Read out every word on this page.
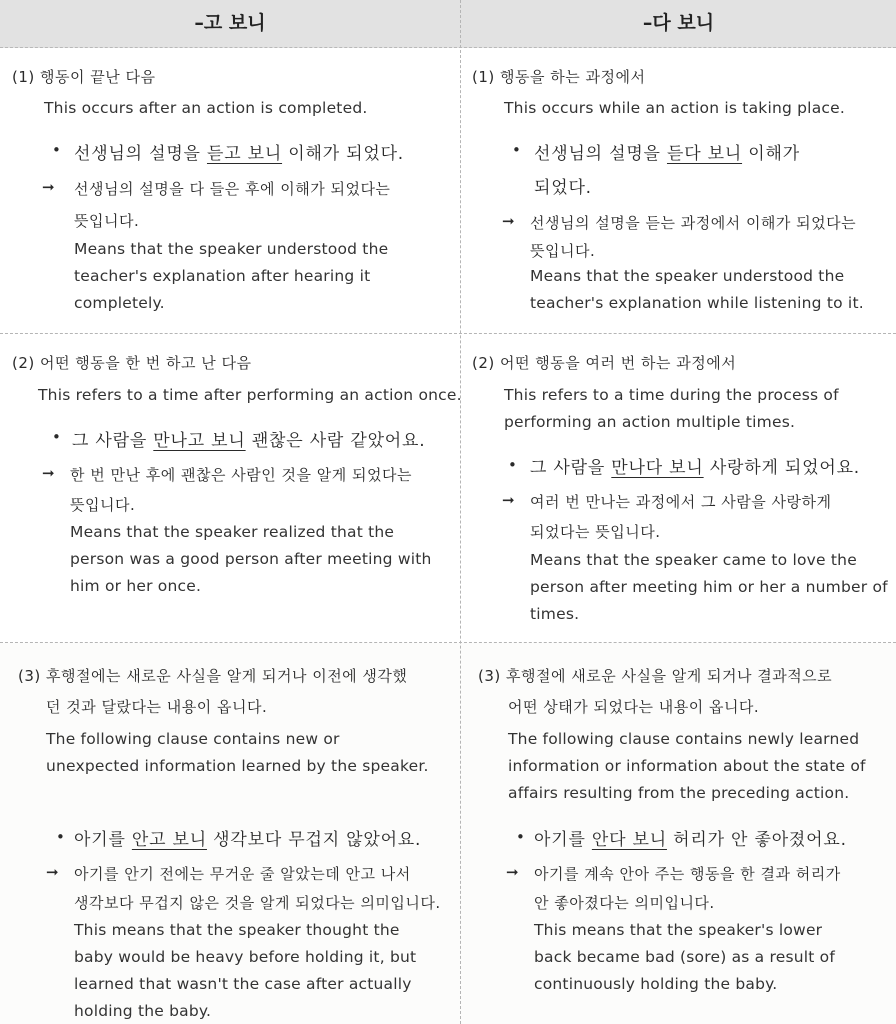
–고 보니	–다 보니
(1) 행동이 끝난 다음
This occurs after an action is completed.
• 선생님의 설명을 듣고 보니 이해가 되었다.
➞ 선생님의 설명을 다 들은 후에 이해가 되었다는
뜻입니다.
Means that the speaker understood the
teacher's explanation after hearing it
completely.
(1) 행동을 하는 과정에서
This occurs while an action is taking place.
• 선생님의 설명을 듣다 보니 이해가
되었다.
➞ 선생님의 설명을 듣는 과정에서 이해가 되었다는
뜻입니다.
Means that the speaker understood the
teacher's explanation while listening to it.
(2) 어떤 행동을 한 번 하고 난 다음
This refers to a time after performing an action once.
• 그 사람을 만나고 보니 괜찮은 사람 같았어요.
➞ 한 번 만난 후에 괜찮은 사람인 것을 알게 되었다는
뜻입니다.
Means that the speaker realized that the
person was a good person after meeting with
him or her once.
(2) 어떤 행동을 여러 번 하는 과정에서
This refers to a time during the process of
performing an action multiple times.
• 그 사람을 만나다 보니 사랑하게 되었어요.
➞ 여러 번 만나는 과정에서 그 사람을 사랑하게
되었다는 뜻입니다.
Means that the speaker came to love the
person after meeting him or her a number of
times.
(3) 후행절에는 새로운 사실을 알게 되거나 이전에 생각했
던 것과 달랐다는 내용이 옵니다.
The following clause contains new or
unexpected information learned by the speaker.
• 아기를 안고 보니 생각보다 무겁지 않았어요.
➞ 아기를 안기 전에는 무거운 줄 알았는데 안고 나서
생각보다 무겁지 않은 것을 알게 되었다는 의미입니다.
This means that the speaker thought the
baby would be heavy before holding it, but
learned that wasn't the case after actually
holding the baby.
(3) 후행절에 새로운 사실을 알게 되거나 결과적으로
어떤 상태가 되었다는 내용이 옵니다.
The following clause contains newly learned
information or information about the state of
affairs resulting from the preceding action.
• 아기를 안다 보니 허리가 안 좋아졌어요.
➞ 아기를 계속 안아 주는 행동을 한 결과 허리가
안 좋아졌다는 의미입니다.
This means that the speaker's lower
back became bad (sore) as a result of
continuously holding the baby.
